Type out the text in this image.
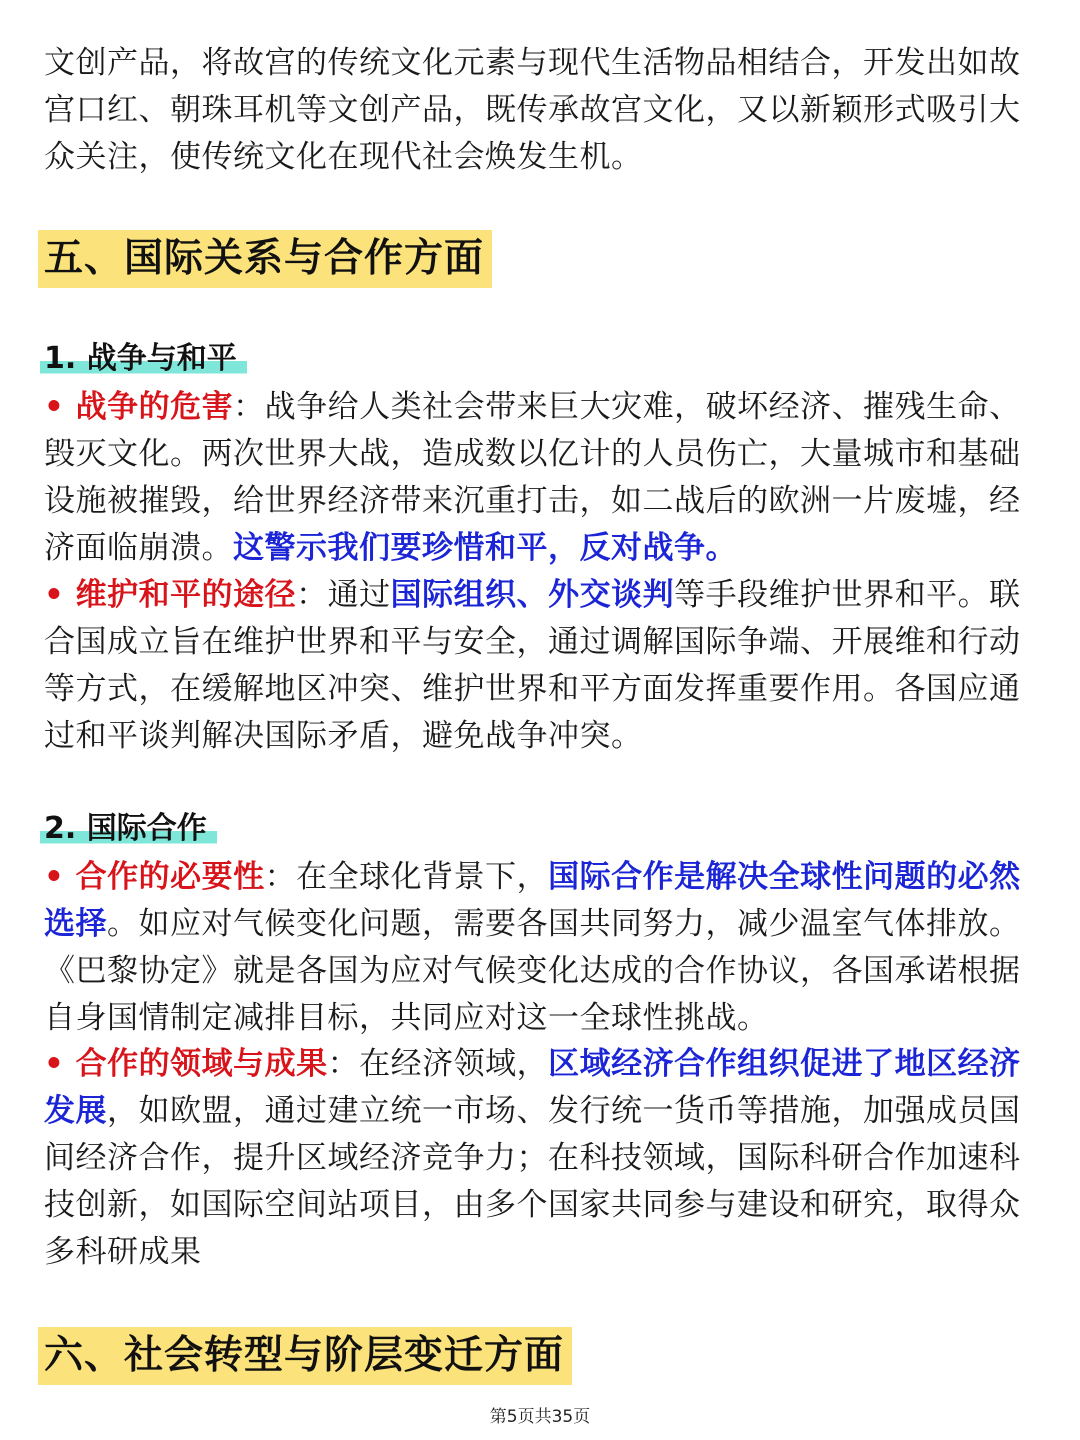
文创产品，将故宫的传统文化元素与现代生活物品相结合，开发出如故宫口红、朝珠耳机等文创产品，既传承故宫文化，又以新颖形式吸引大众关注，使传统文化在现代社会焕发生机。

五、国际关系与合作方面
1. 战争与和平

• 战争的危害：战争给人类社会带来巨大灾难，破坏经济、摧残生命、毁灭文化。两次世界大战，造成数以亿计的人员伤亡，大量城市和基础设施被摧毁，给世界经济带来沉重打击，如二战后的欧洲一片废墟，经济面临崩溃。这警示我们要珍惜和平，反对战争。

• 维护和平的途径：通过国际组织、外交谈判等手段维护世界和平。联合国成立旨在维护世界和平与安全，通过调解国际争端、开展维和行动等方式，在缓解地区冲突、维护世界和平方面发挥重要作用。各国应通过和平谈判解决国际矛盾，避免战争冲突。

2. 国际合作

• 合作的必要性：在全球化背景下，国际合作是解决全球性问题的必然选择。如应对气候变化问题，需要各国共同努力，减少温室气体排放。《巴黎协定》就是各国为应对气候变化达成的合作协议，各国承诺根据自身国情制定减排目标，共同应对这一全球性挑战。

• 合作的领域与成果：在经济领域，区域经济合作组织促进了地区经济发展，如欧盟，通过建立统一市场、发行统一货币等措施，加强成员国间经济合作，提升区域经济竞争力；在科技领域，国际科研合作加速科技创新，如国际空间站项目，由多个国家共同参与建设和研究，取得众多科研成果

六、社会转型与阶层变迁方面
第5页共35页
